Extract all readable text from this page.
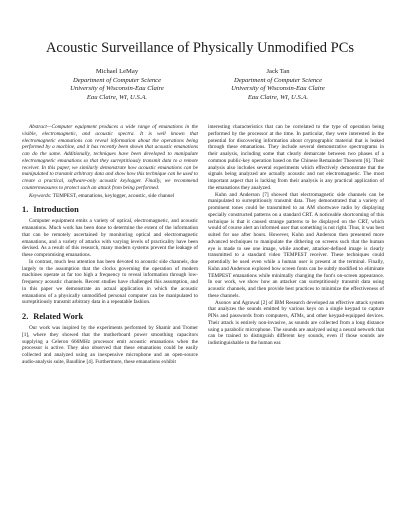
Acoustic Surveillance of Physically Unmodified PCs
Michael LeMay
Department of Computer Science
University of Wisconsin-Eau Claire
Eau Claire, WI, U.S.A.
Jack Tan
Department of Computer Science
University of Wisconsin-Eau Claire
Eau Claire, WI, U.S.A.

Abstract—Computer equipment produces a wide range of emanations in the visible, electromagnetic, and acoustic spectra. It is well known that electromagnetic emanations can reveal information about the operations being performed by a machine, and it has recently been shown that acoustic emanations can do the same. Additionally, techniques have been developed to manipulate electromagnetic emanations so that they surreptitiously transmit data to a remote receiver. In this paper, we similarly demonstrate how acoustic emanations can be manipulated to transmit arbitrary data and show how this technique can be used to create a practical, software-only acoustic keylogger. Finally, we recommend countermeasures to protect such an attack from being performed.

Keywords: TEMPEST, emanations, keylogger, acoustic, side channel

1. Introduction

Computer equipment emits a variety of optical, electromagnetic, and acoustic emanations. Much work has been done to determine the extent of the information that can be remotely ascertained by monitoring optical and electromagnetic emanations, and a variety of attacks with varying levels of practicality have been devised. As a result of this research, many modern systems prevent the leakage of these compromising emanations.

In contrast, much less attention has been devoted to acoustic side channels, due largely to the assumption that the clocks governing the operation of modern machines operate at far too high a frequency to reveal information through low-frequency acoustic channels. Recent studies have challenged this assumption, and in this paper we demonstrate an actual application in which the acoustic emanations of a physically unmodified personal computer can be manipulated to surreptitiously transmit arbitrary data in a repeatable fashion.

2. Related Work

Our work was inspired by the experiments performed by Shamir and Tromer [1], where they showed that the motherboard power smoothing capacitors supplying a Celeron 666MHz processor emit acoustic emanations when the processor is active. They also observed that these emanations could be easily collected and analyzed using an inexpensive microphone and an open-source audio-analysis suite, Baudline [4]. Furthermore, these emanations exhibit

interesting characteristics that can be correlated to the type of operation being performed by the processor at the time. In particular, they were interested in the potential for discovering information about cryptographic material that is leaked through these emanations. They include several demonstrative spectrograms in their analysis, including some that clearly demarcate between two phases of a common public-key operation based on the Chinese Remainder Theorem [6]. Their analysis also includes several experiments which effectively demonstrate that the signals being analyzed are actually acoustic and not electromagnetic. The most important aspect that is lacking from their analysis is any practical application of the emanations they analyzed.

Kuhn and Anderson [7] showed that electromagnetic side channels can be manipulated to surreptitiously transmit data. They demonstrated that a variety of prominent tones could be transmitted to an AM shortwave radio by displaying specially constructed patterns on a standard CRT. A noticeable shortcoming of this technique is that it caused strange patterns to be displayed on the CRT, which would of course alert an informed user that something is not right. Thus, it was best suited for use after hours. However, Kuhn and Anderson then presented more advanced techniques to manipulate the dithering on screens such that the human eye is made to see one image, while another, attacker-defined image is clearly transmitted to a standard video TEMPEST receiver. These techniques could potentially be used even while a human user is present at the terminal. Finally, Kuhn and Anderson explored how screen fonts can be subtly modified to eliminate TEMPEST emanations while minimally changing the font's on-screen appearance. In our work, we show how an attacker can surreptitiously transmit data using acoustic channels, and then provide best practices to minimize the effectiveness of these channels.

Asonov and Agrawal [2] of IBM Research developed an effective attack system that analyzes the sounds emitted by various keys on a single keypad to capture PINs and passwords from computers, ATMs, and other keypad-equipped devices. Their attack is entirely non-invasive, as sounds are collected from a long distance using a parabolic microphone. The sounds are analyzed using a neural network that can be trained to distinguish different key sounds, even if those sounds are indistinguishable to the human ear.
